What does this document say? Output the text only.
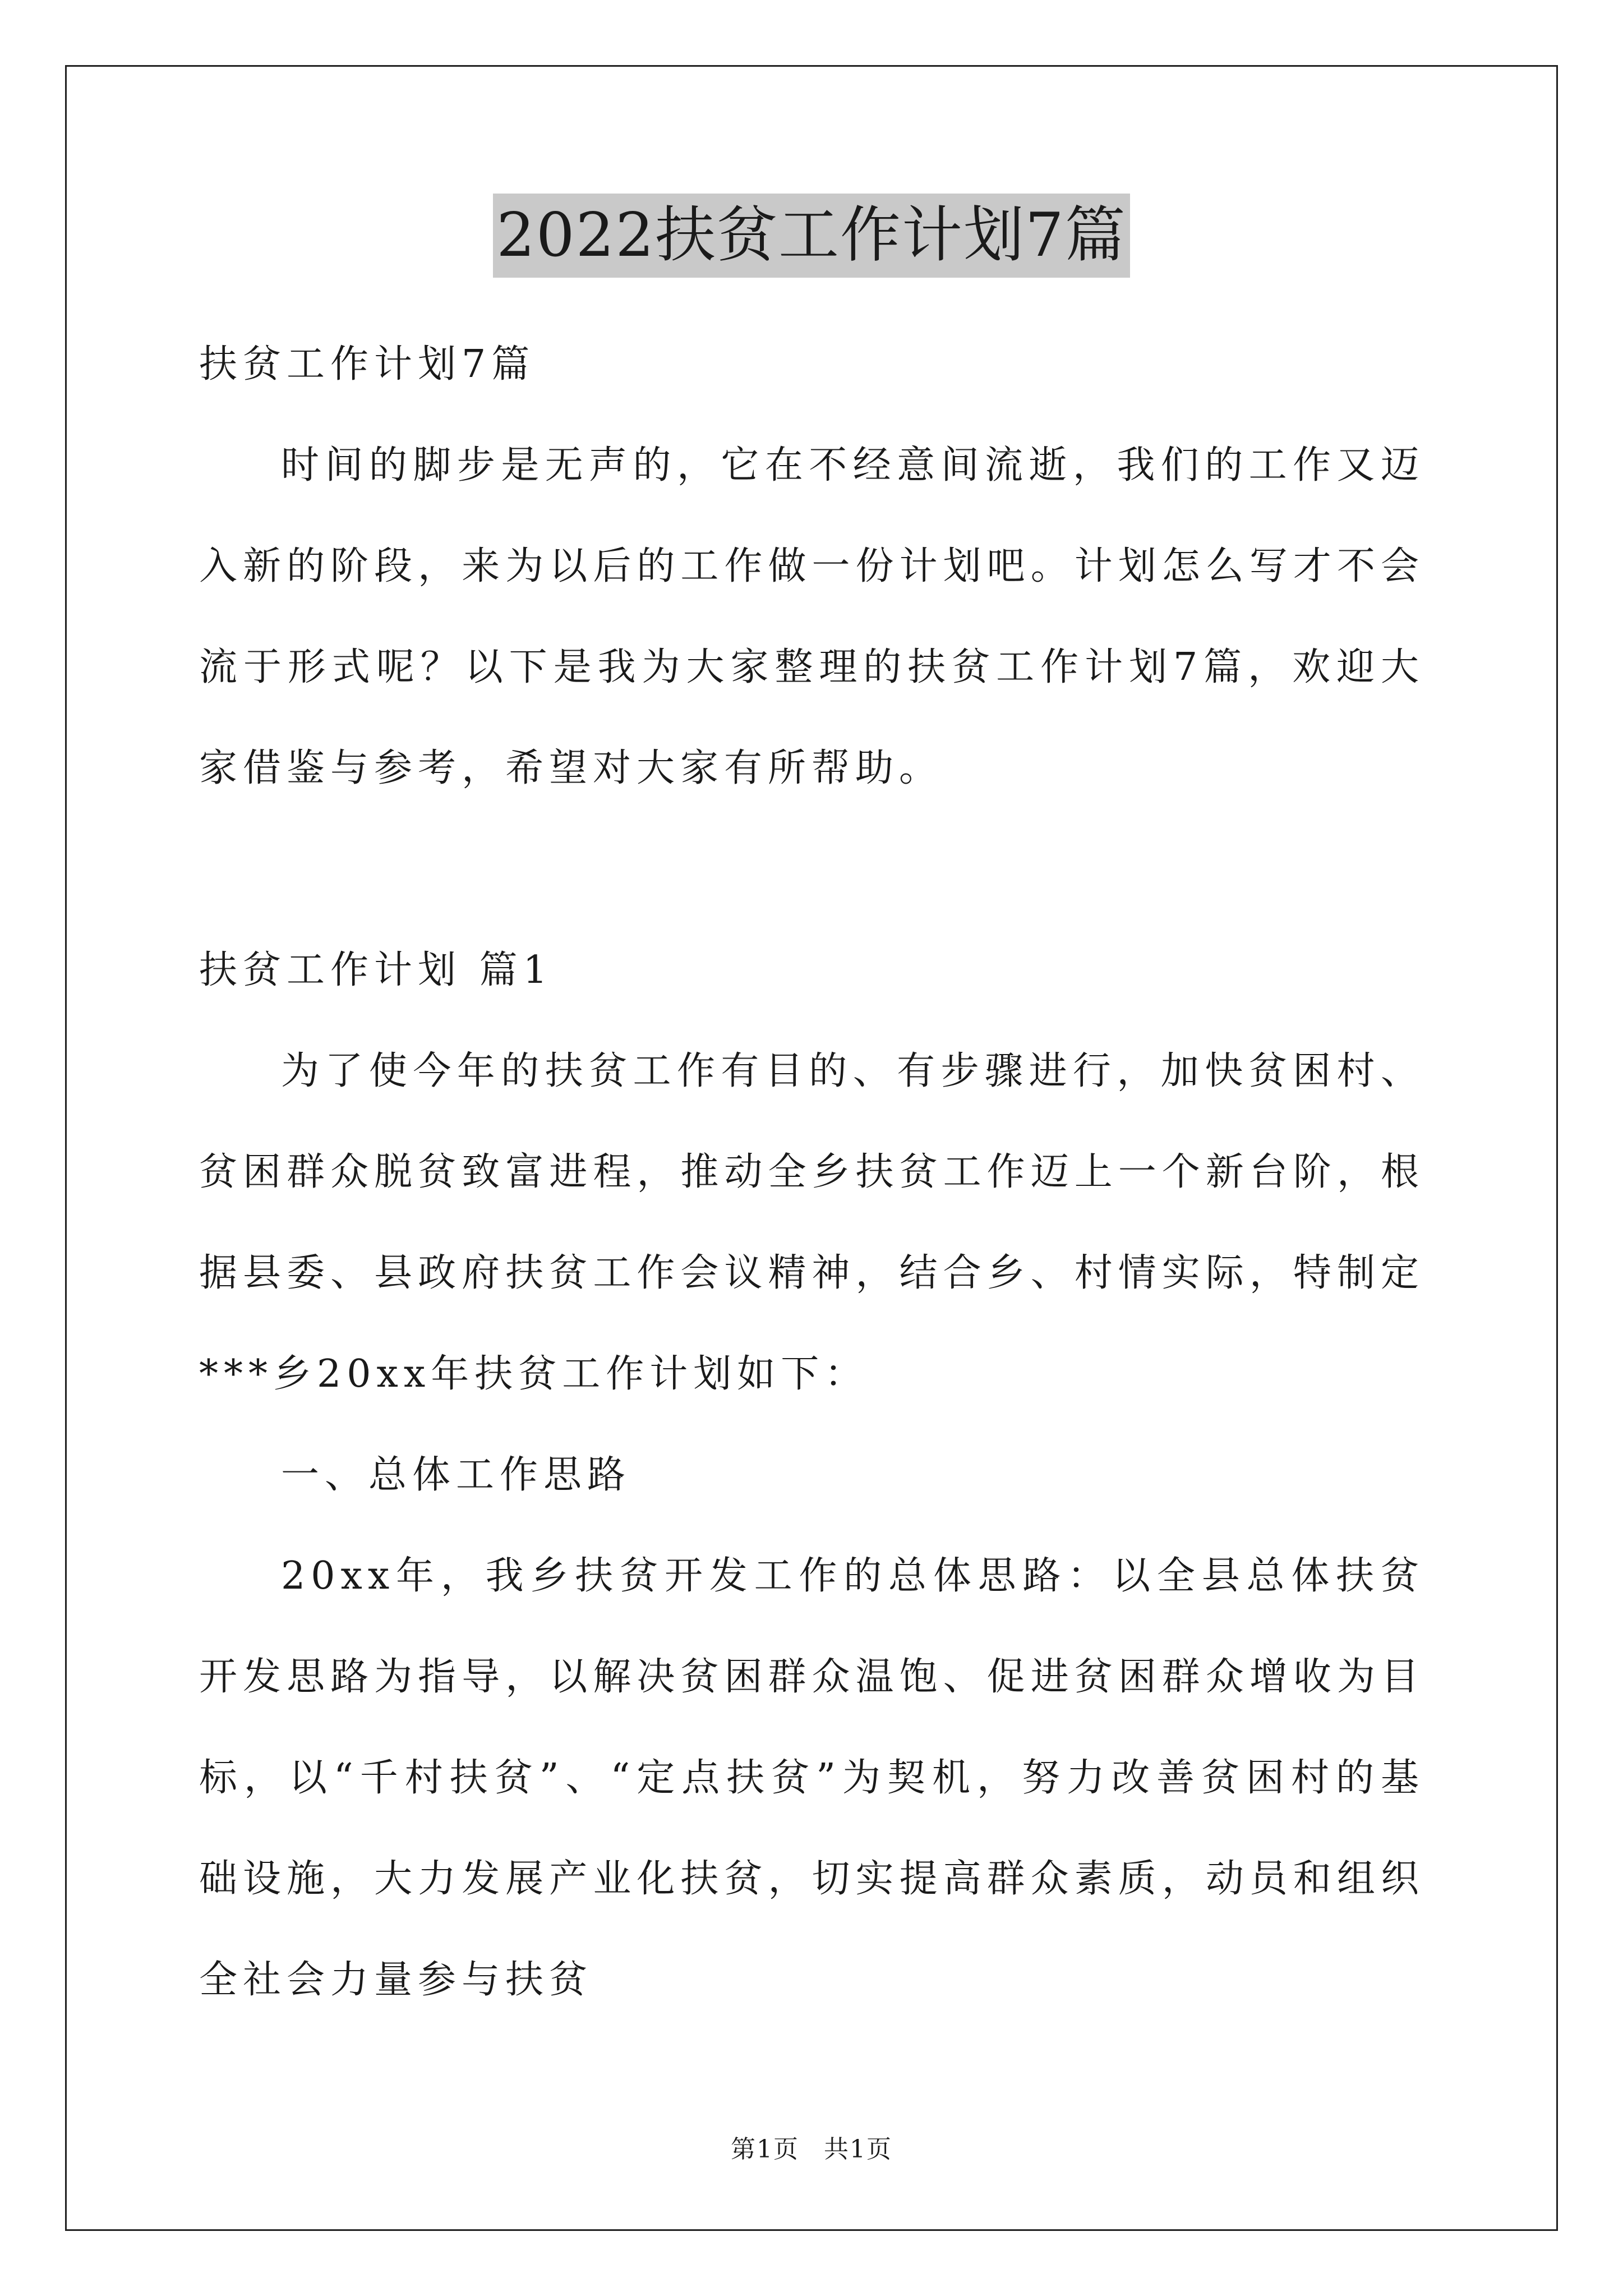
2022扶贫工作计划7篇

扶贫工作计划7篇

时间的脚步是无声的，它在不经意间流逝，我们的工作又迈入新的阶段，来为以后的工作做一份计划吧。计划怎么写才不会流于形式呢？以下是我为大家整理的扶贫工作计划7篇，欢迎大家借鉴与参考，希望对大家有所帮助。

扶贫工作计划 篇1

为了使今年的扶贫工作有目的、有步骤进行，加快贫困村、贫困群众脱贫致富进程，推动全乡扶贫工作迈上一个新台阶，根据县委、县政府扶贫工作会议精神，结合乡、村情实际，特制定***乡20xx年扶贫工作计划如下：

一、总体工作思路

20xx年，我乡扶贫开发工作的总体思路：以全县总体扶贫开发思路为指导，以解决贫困群众温饱、促进贫困群众增收为目标，以“千村扶贫”、“定点扶贫”为契机，努力改善贫困村的基础设施，大力发展产业化扶贫，切实提高群众素质，动员和组织全社会力量参与扶贫

第1页 共1页
